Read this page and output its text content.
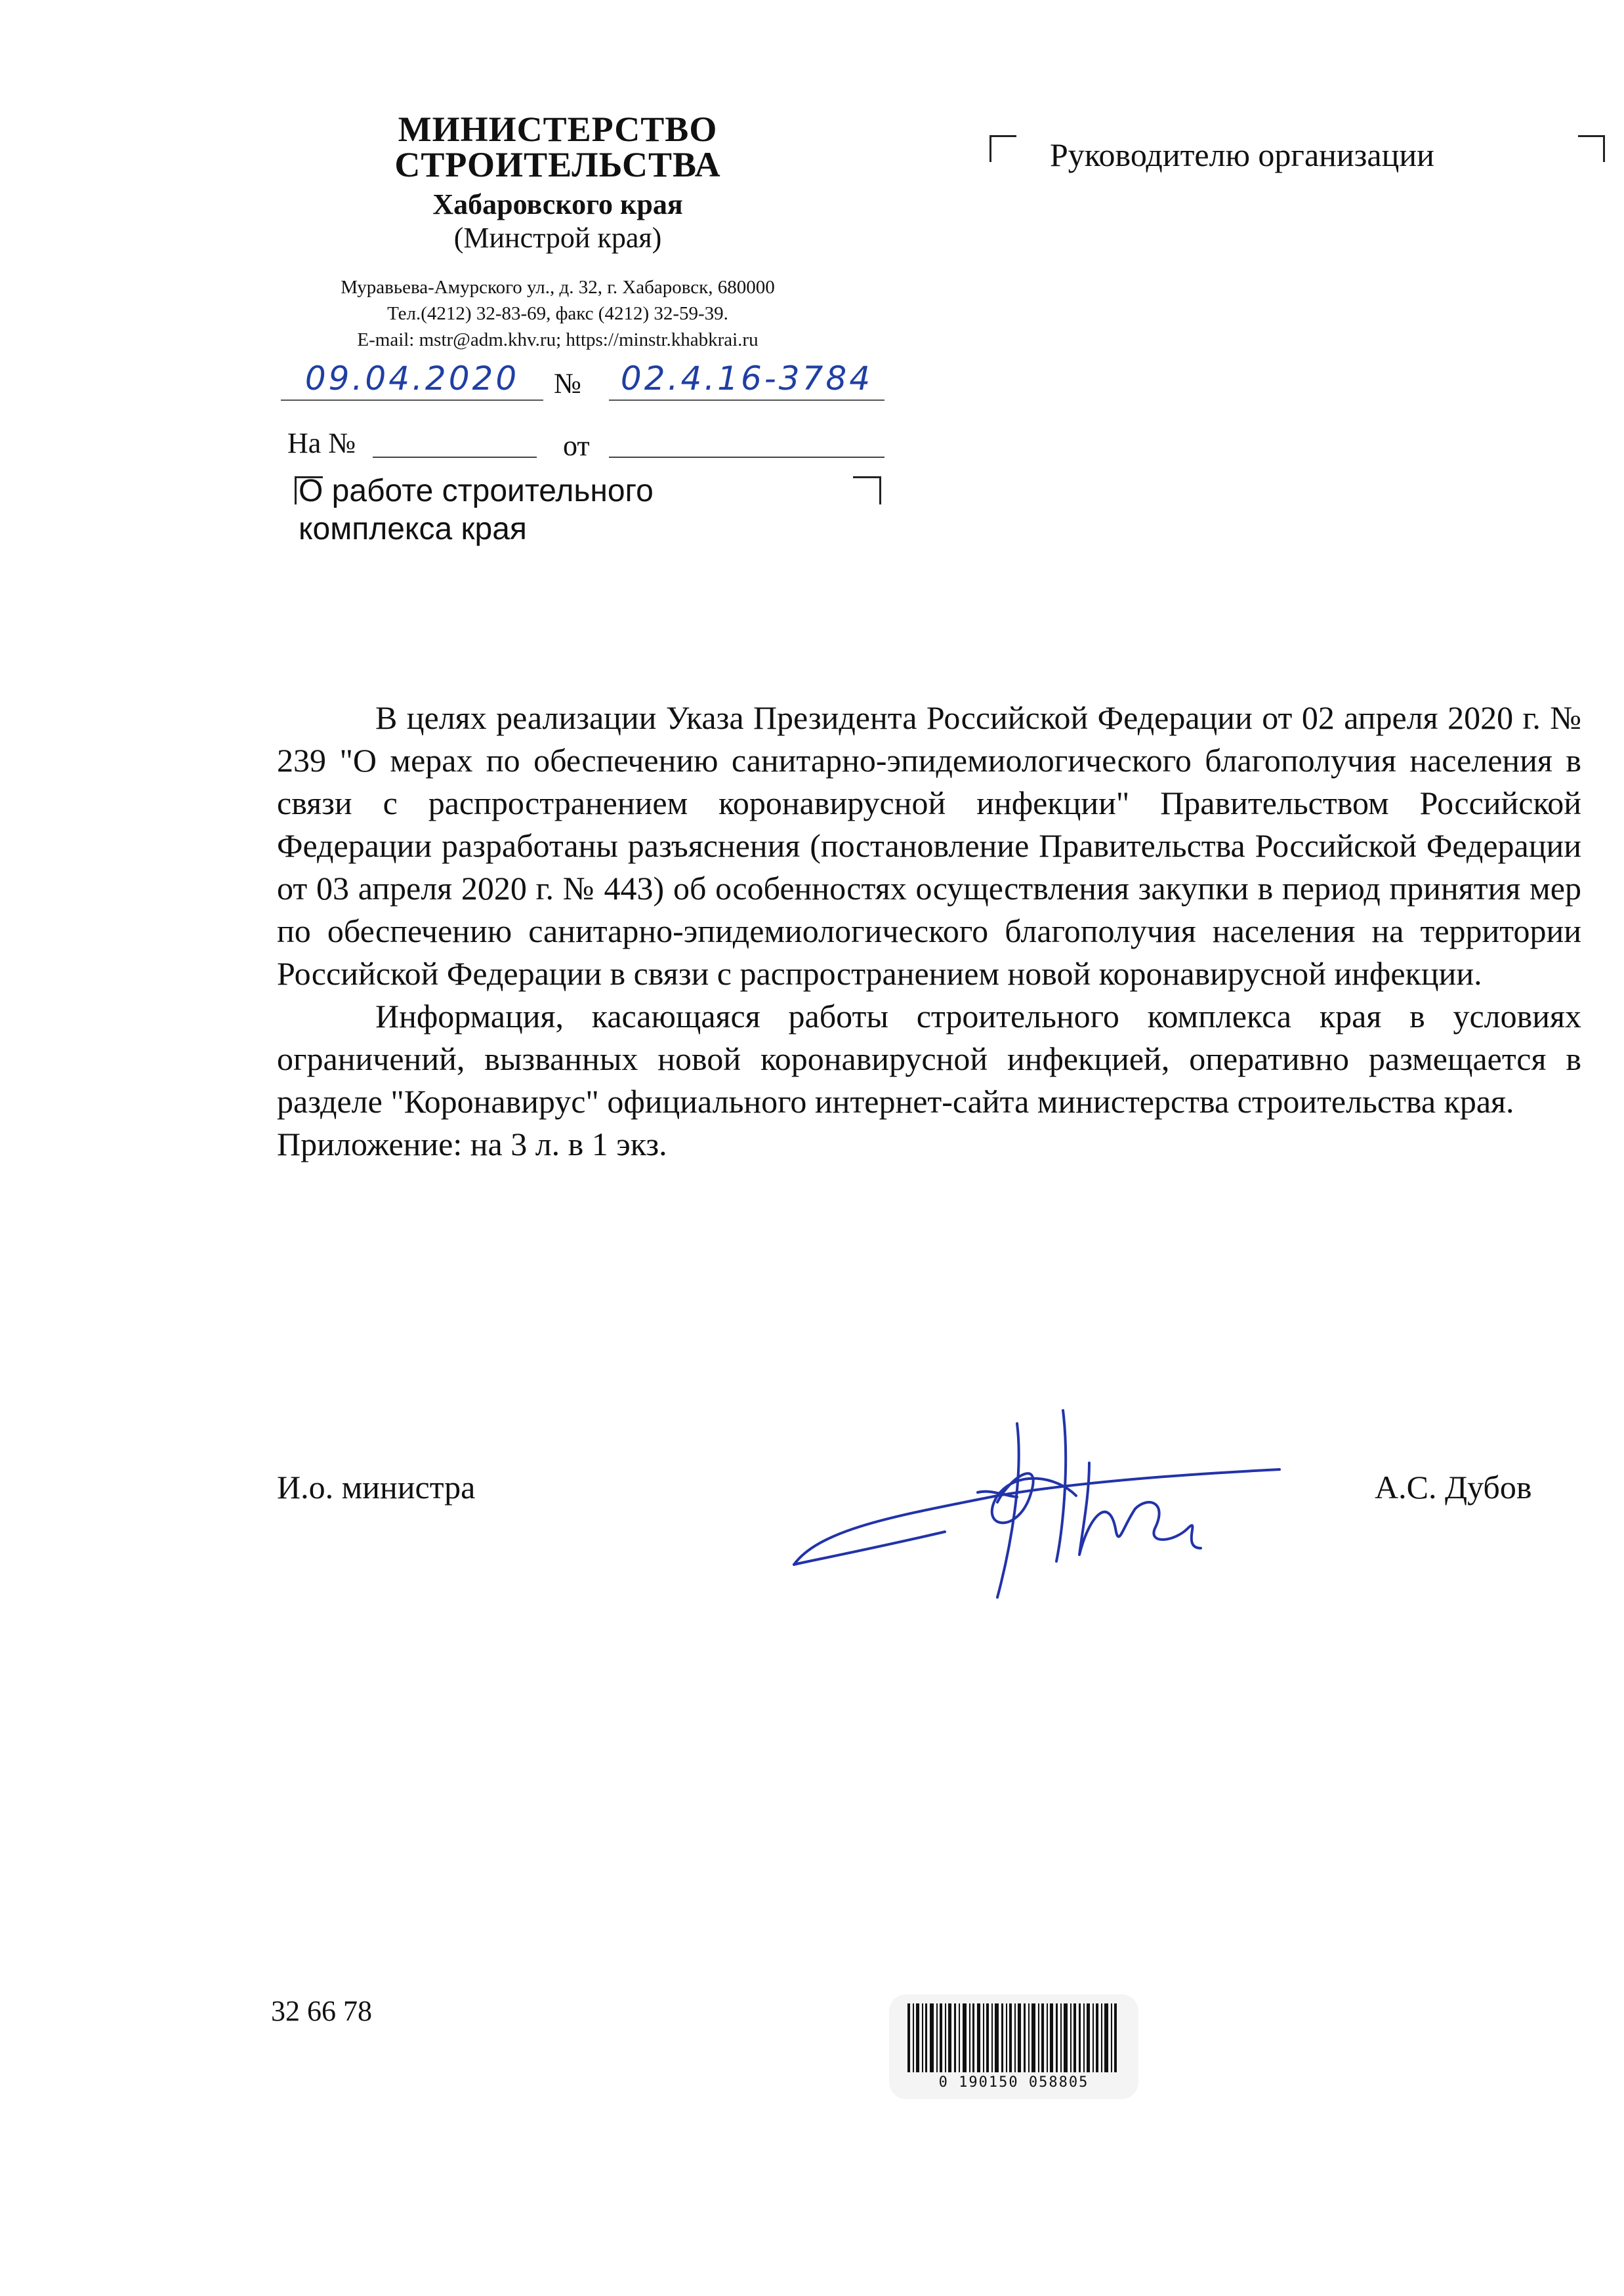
МИНИСТЕРСТВО
СТРОИТЕЛЬСТВА
Хабаровского края
(Минстрой края)
Муравьева-Амурского ул., д. 32, г. Хабаровск, 680000
Тел.(4212) 32-83-69, факс (4212) 32-59-39.
E-mail: mstr@adm.khv.ru; https://minstr.khabkrai.ru
09.04.2020	№	02.4.16-3784
На №	от
О работе строительного
комплекса края
Руководителю организации

В целях реализации Указа Президента Российской Федерации от 02 апреля 2020 г. № 239 "О мерах по обеспечению санитарно-эпидемиологического благополучия населения в связи с распространением коронавирусной инфекции" Правительством Российской Федерации разработаны разъяснения (постановление Правительства Российской Федерации от 03 апреля 2020 г. № 443) об особенностях осуществления закупки в период принятия мер по обеспечению санитарно-эпидемиологического благополучия населения на территории Российской Федерации в связи с распространением новой коронавирусной инфекции.

Информация, касающаяся работы строительного комплекса края в условиях ограничений, вызванных новой коронавирусной инфекцией, оперативно размещается в разделе "Коронавирус" официального интернет-сайта министерства строительства края.

Приложение: на 3 л. в 1 экз.

И.о. министра	А.С. Дубов
32 66 78
0 190150 058805
